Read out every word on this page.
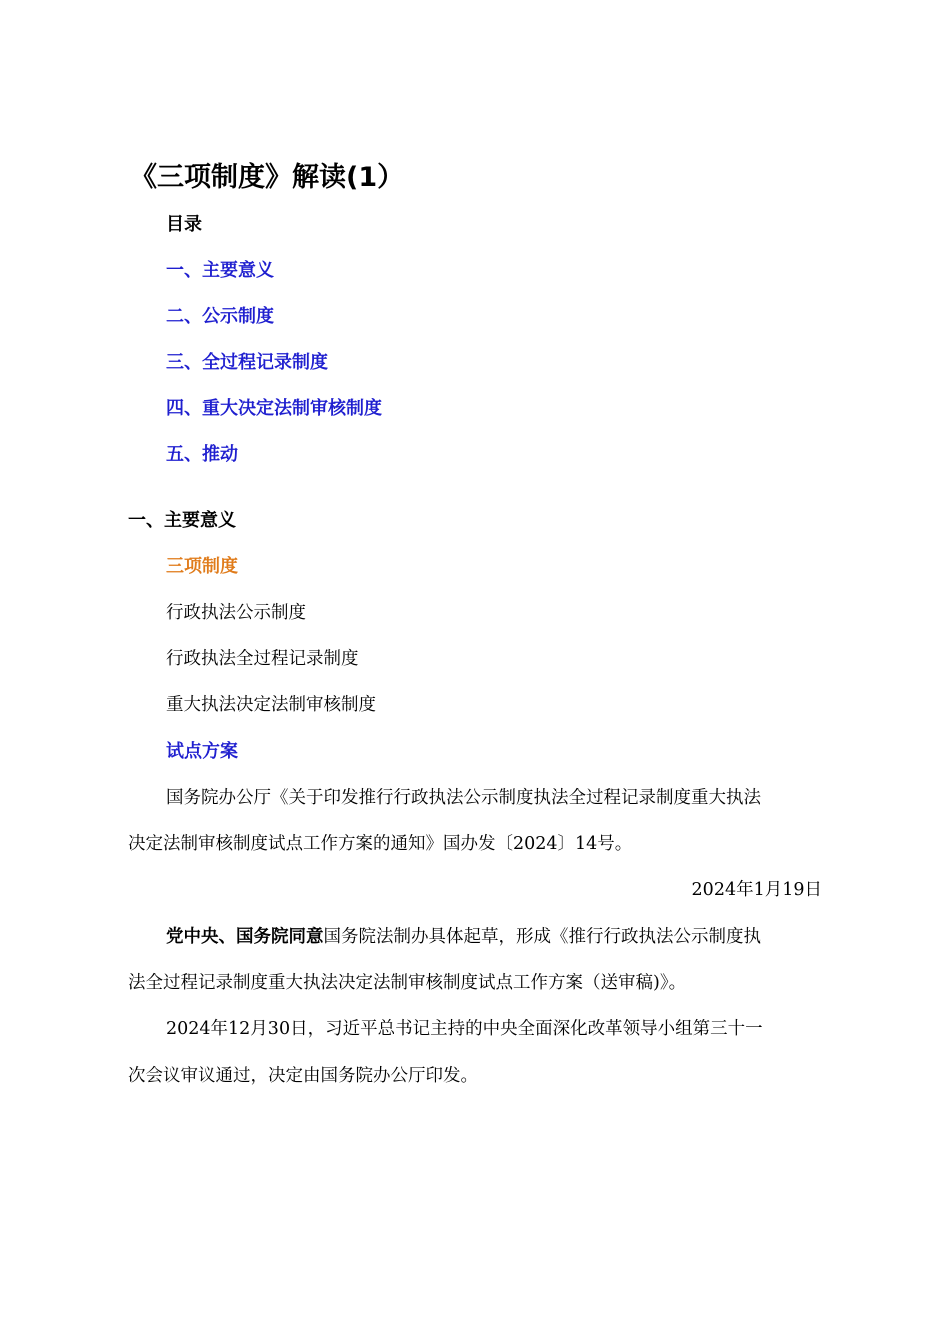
《三项制度》解读(1）
目录
一、主要意义
二、公示制度
三、全过程记录制度
四、重大决定法制审核制度
五、推动
一、主要意义
三项制度
行政执法公示制度
行政执法全过程记录制度
重大执法决定法制审核制度
试点方案
国务院办公厅《关于印发推行行政执法公示制度执法全过程记录制度重大执法
决定法制审核制度试点工作方案的通知》国办发〔2024〕14号。
2024年1月19日
党中央、国务院同意国务院法制办具体起草，形成《推行行政执法公示制度执
法全过程记录制度重大执法决定法制审核制度试点工作方案（送审稿)》。
2024年12月30日，习近平总书记主持的中央全面深化改革领导小组第三十一
次会议审议通过，决定由国务院办公厅印发。
